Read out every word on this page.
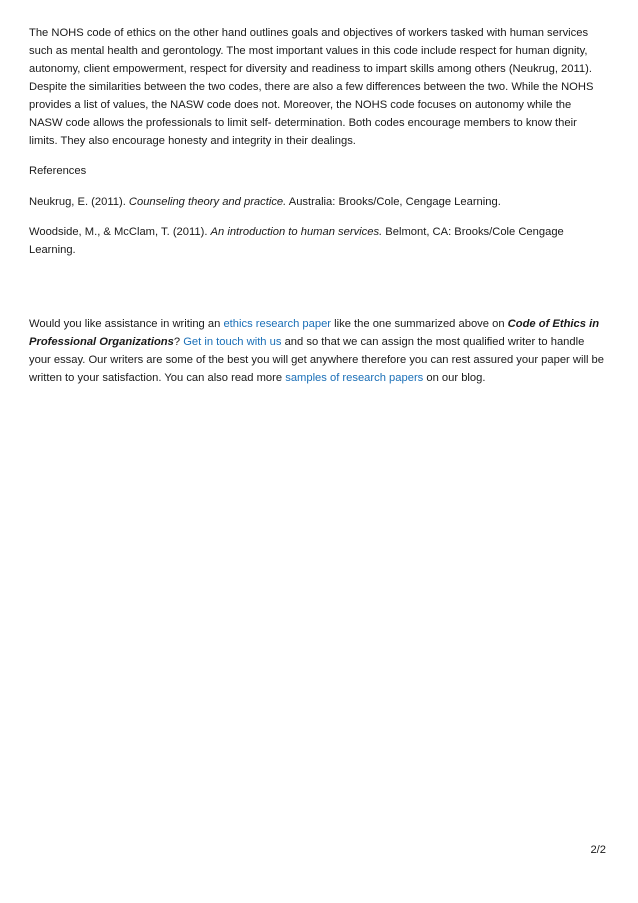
The NOHS code of ethics on the other hand outlines goals and objectives of workers tasked with human services such as mental health and gerontology. The most important values in this code include respect for human dignity, autonomy, client empowerment, respect for diversity and readiness to impart skills among others (Neukrug, 2011). Despite the similarities between the two codes, there are also a few differences between the two. While the NOHS provides a list of values, the NASW code does not. Moreover, the NOHS code focuses on autonomy while the NASW code allows the professionals to limit self- determination. Both codes encourage members to know their limits. They also encourage honesty and integrity in their dealings.

References

Neukrug, E. (2011). Counseling theory and practice. Australia: Brooks/Cole, Cengage Learning.

Woodside, M., & McClam, T. (2011). An introduction to human services. Belmont, CA: Brooks/Cole Cengage Learning.

Would you like assistance in writing an ethics research paper like the one summarized above on Code of Ethics in Professional Organizations? Get in touch with us and so that we can assign the most qualified writer to handle your essay. Our writers are some of the best you will get anywhere therefore you can rest assured your paper will be written to your satisfaction. You can also read more samples of research papers on our blog.

2/2
